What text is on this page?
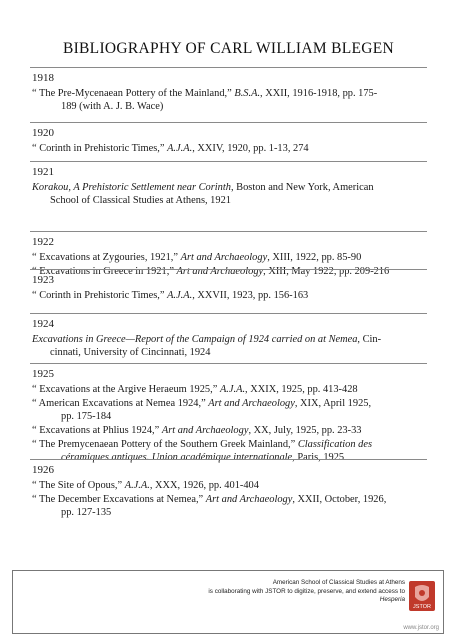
BIBLIOGRAPHY OF CARL WILLIAM BLEGEN
1918
“ The Pre-Mycenaean Pottery of the Mainland,” B.S.A., XXII, 1916-1918, pp. 175-
189 (with A. J. B. Wace)
1920
“ Corinth in Prehistoric Times,” A.J.A., XXIV, 1920, pp. 1-13, 274
1921
Korakou, A Prehistoric Settlement near Corinth, Boston and New York, American
School of Classical Studies at Athens, 1921
1922
“ Excavations at Zygouries, 1921,” Art and Archaeology, XIII, 1922, pp. 85-90
“ Excavations in Greece in 1921,” Art and Archaeology, XIII, May 1922, pp. 209-216
1923
“ Corinth in Prehistoric Times,” A.J.A., XXVII, 1923, pp. 156-163
1924
Excavations in Greece—Report of the Campaign of 1924 carried on at Nemea, Cin-
cinnati, University of Cincinnati, 1924
1925
“ Excavations at the Argive Heraeum 1925,” A.J.A., XXIX, 1925, pp. 413-428
“ American Excavations at Nemea 1924,” Art and Archaeology, XIX, April 1925,
pp. 175-184
“ Excavations at Phlius 1924,” Art and Archaeology, XX, July, 1925, pp. 23-33
“ The Premycenaean Pottery of the Southern Greek Mainland,” Classification des
céramiques antiques. Union académique internationale, Paris, 1925
1926
“ The Site of Opous,” A.J.A., XXX, 1926, pp. 401-404
“ The December Excavations at Nemea,” Art and Archaeology, XXII, October, 1926,
pp. 127-135
American School of Classical Studies at Athens
is collaborating with JSTOR to digitize, preserve, and extend access to
Hesperia
JSTOR
www.jstor.org
